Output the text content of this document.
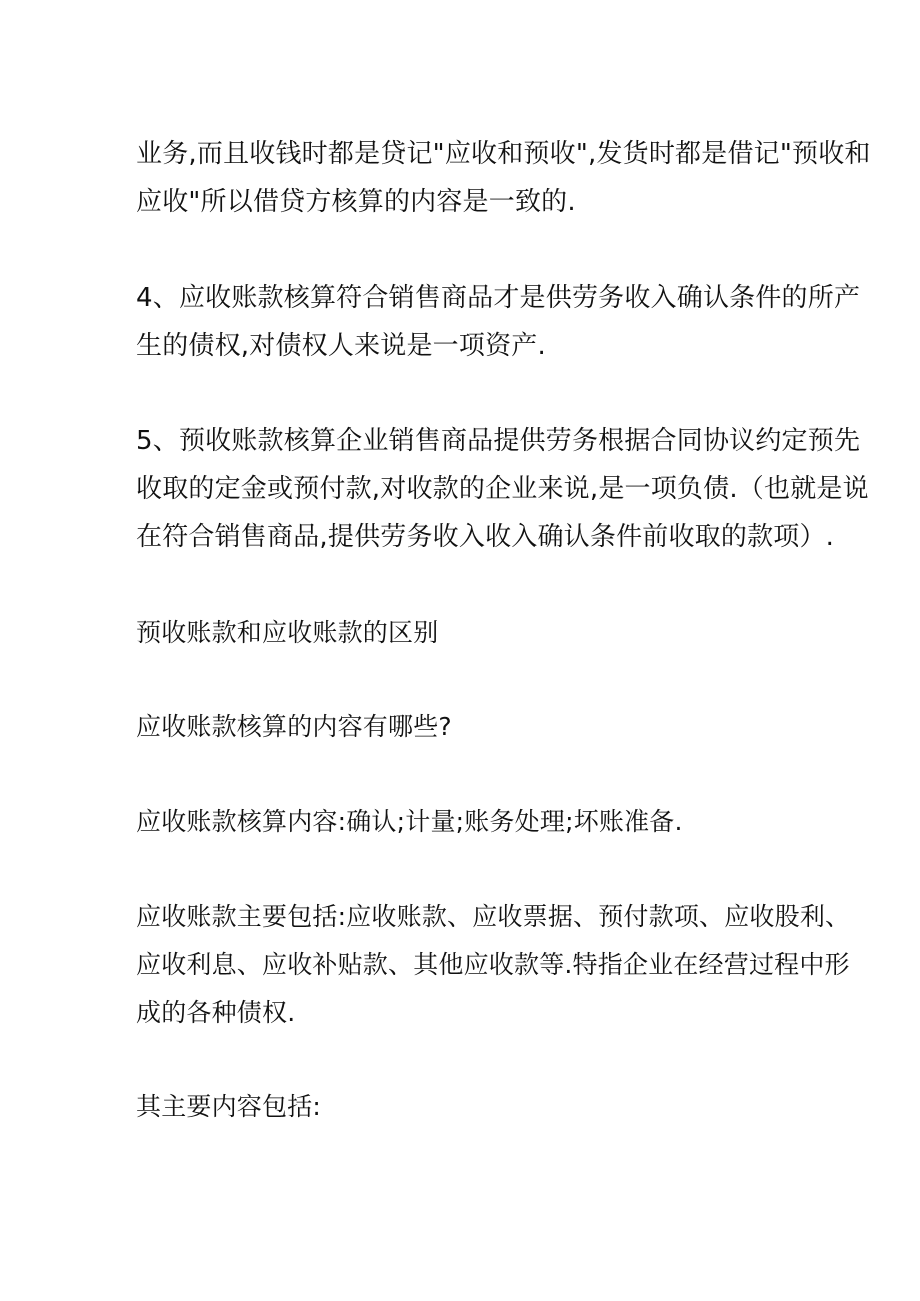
业务,而且收钱时都是贷记"应收和预收",发货时都是借记"预收和
应收"所以借贷方核算的内容是一致的.
4、应收账款核算符合销售商品才是供劳务收入确认条件的所产
生的债权,对债权人来说是一项资产.
5、预收账款核算企业销售商品提供劳务根据合同协议约定预先
收取的定金或预付款,对收款的企业来说,是一项负债.（也就是说
在符合销售商品,提供劳务收入收入确认条件前收取的款项）.
预收账款和应收账款的区别
应收账款核算的内容有哪些?
应收账款核算内容:确认;计量;账务处理;坏账准备.
应收账款主要包括:应收账款、应收票据、预付款项、应收股利、
应收利息、应收补贴款、其他应收款等.特指企业在经营过程中形
成的各种债权.
其主要内容包括:
